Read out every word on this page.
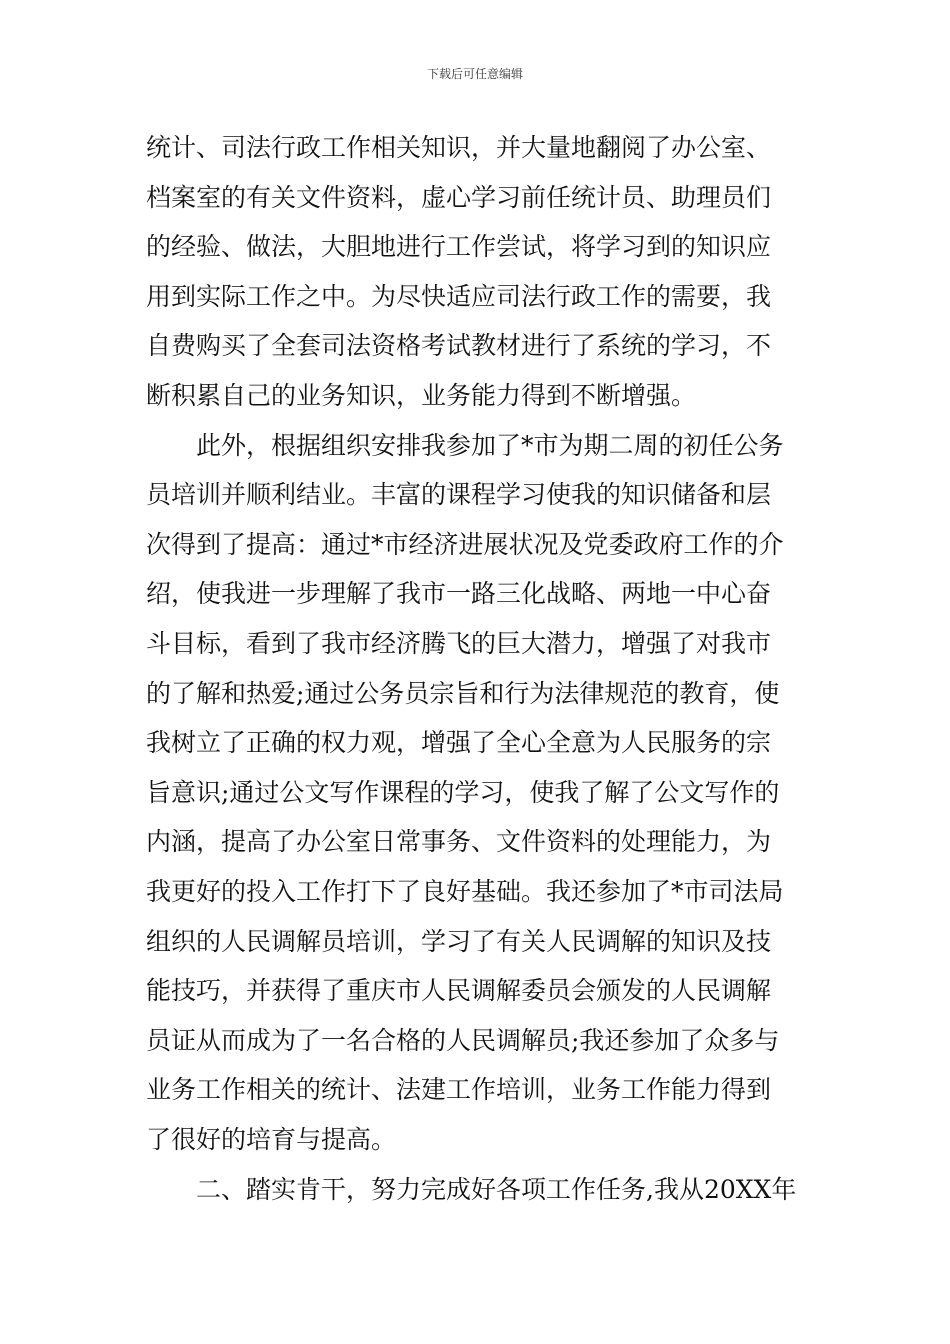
下载后可任意编辑
统计、司法行政工作相关知识，并大量地翻阅了办公室、
档案室的有关文件资料，虚心学习前任统计员、助理员们
的经验、做法，大胆地进行工作尝试，将学习到的知识应
用到实际工作之中。为尽快适应司法行政工作的需要，我
自费购买了全套司法资格考试教材进行了系统的学习，不
断积累自己的业务知识，业务能力得到不断增强。
此外，根据组织安排我参加了*市为期二周的初任公务
员培训并顺利结业。丰富的课程学习使我的知识储备和层
次得到了提高：通过*市经济进展状况及党委政府工作的介
绍，使我进一步理解了我市一路三化战略、两地一中心奋
斗目标，看到了我市经济腾飞的巨大潜力，增强了对我市
的了解和热爱;通过公务员宗旨和行为法律规范的教育，使
我树立了正确的权力观，增强了全心全意为人民服务的宗
旨意识;通过公文写作课程的学习，使我了解了公文写作的
内涵，提高了办公室日常事务、文件资料的处理能力，为
我更好的投入工作打下了良好基础。我还参加了*市司法局
组织的人民调解员培训，学习了有关人民调解的知识及技
能技巧，并获得了重庆市人民调解委员会颁发的人民调解
员证从而成为了一名合格的人民调解员;我还参加了众多与
业务工作相关的统计、法建工作培训，业务工作能力得到
了很好的培育与提高。
二、踏实肯干，努力完成好各项工作任务,我从20XX年
